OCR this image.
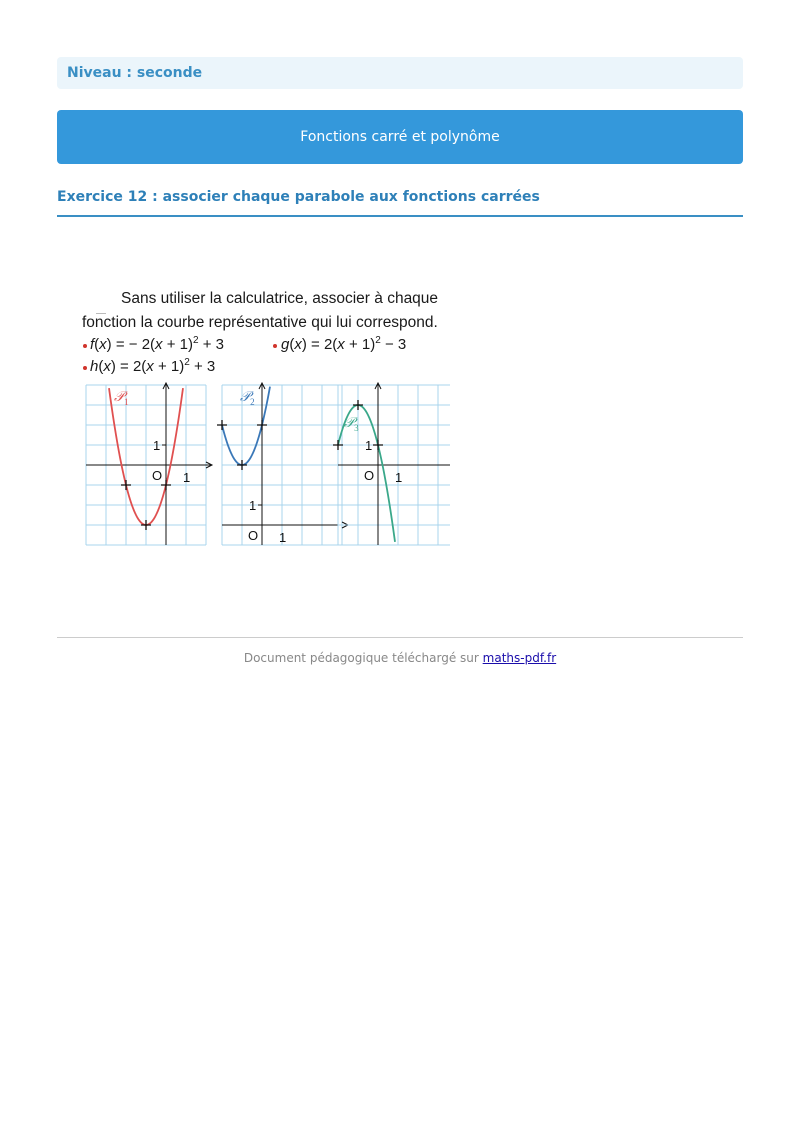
Niveau : seconde
Fonctions carré et polynôme
Exercice 12 : associer chaque parabole aux fonctions carrées
Sans utiliser la calculatrice, associer à chaque
fonction la courbe représentative qui lui correspond.
f(x) = − $2(x + 1)^2 + 3$	$g(x) = 2(x + 1)^2 - 3$
$h(x) = 2(x + 1)^2 + 3$
𝒫$_1$
1
1
O
𝒫$_2$
1
1
O
𝒫$_3$
1
1
O
Document pédagogique téléchargé sur maths-pdf.fr
